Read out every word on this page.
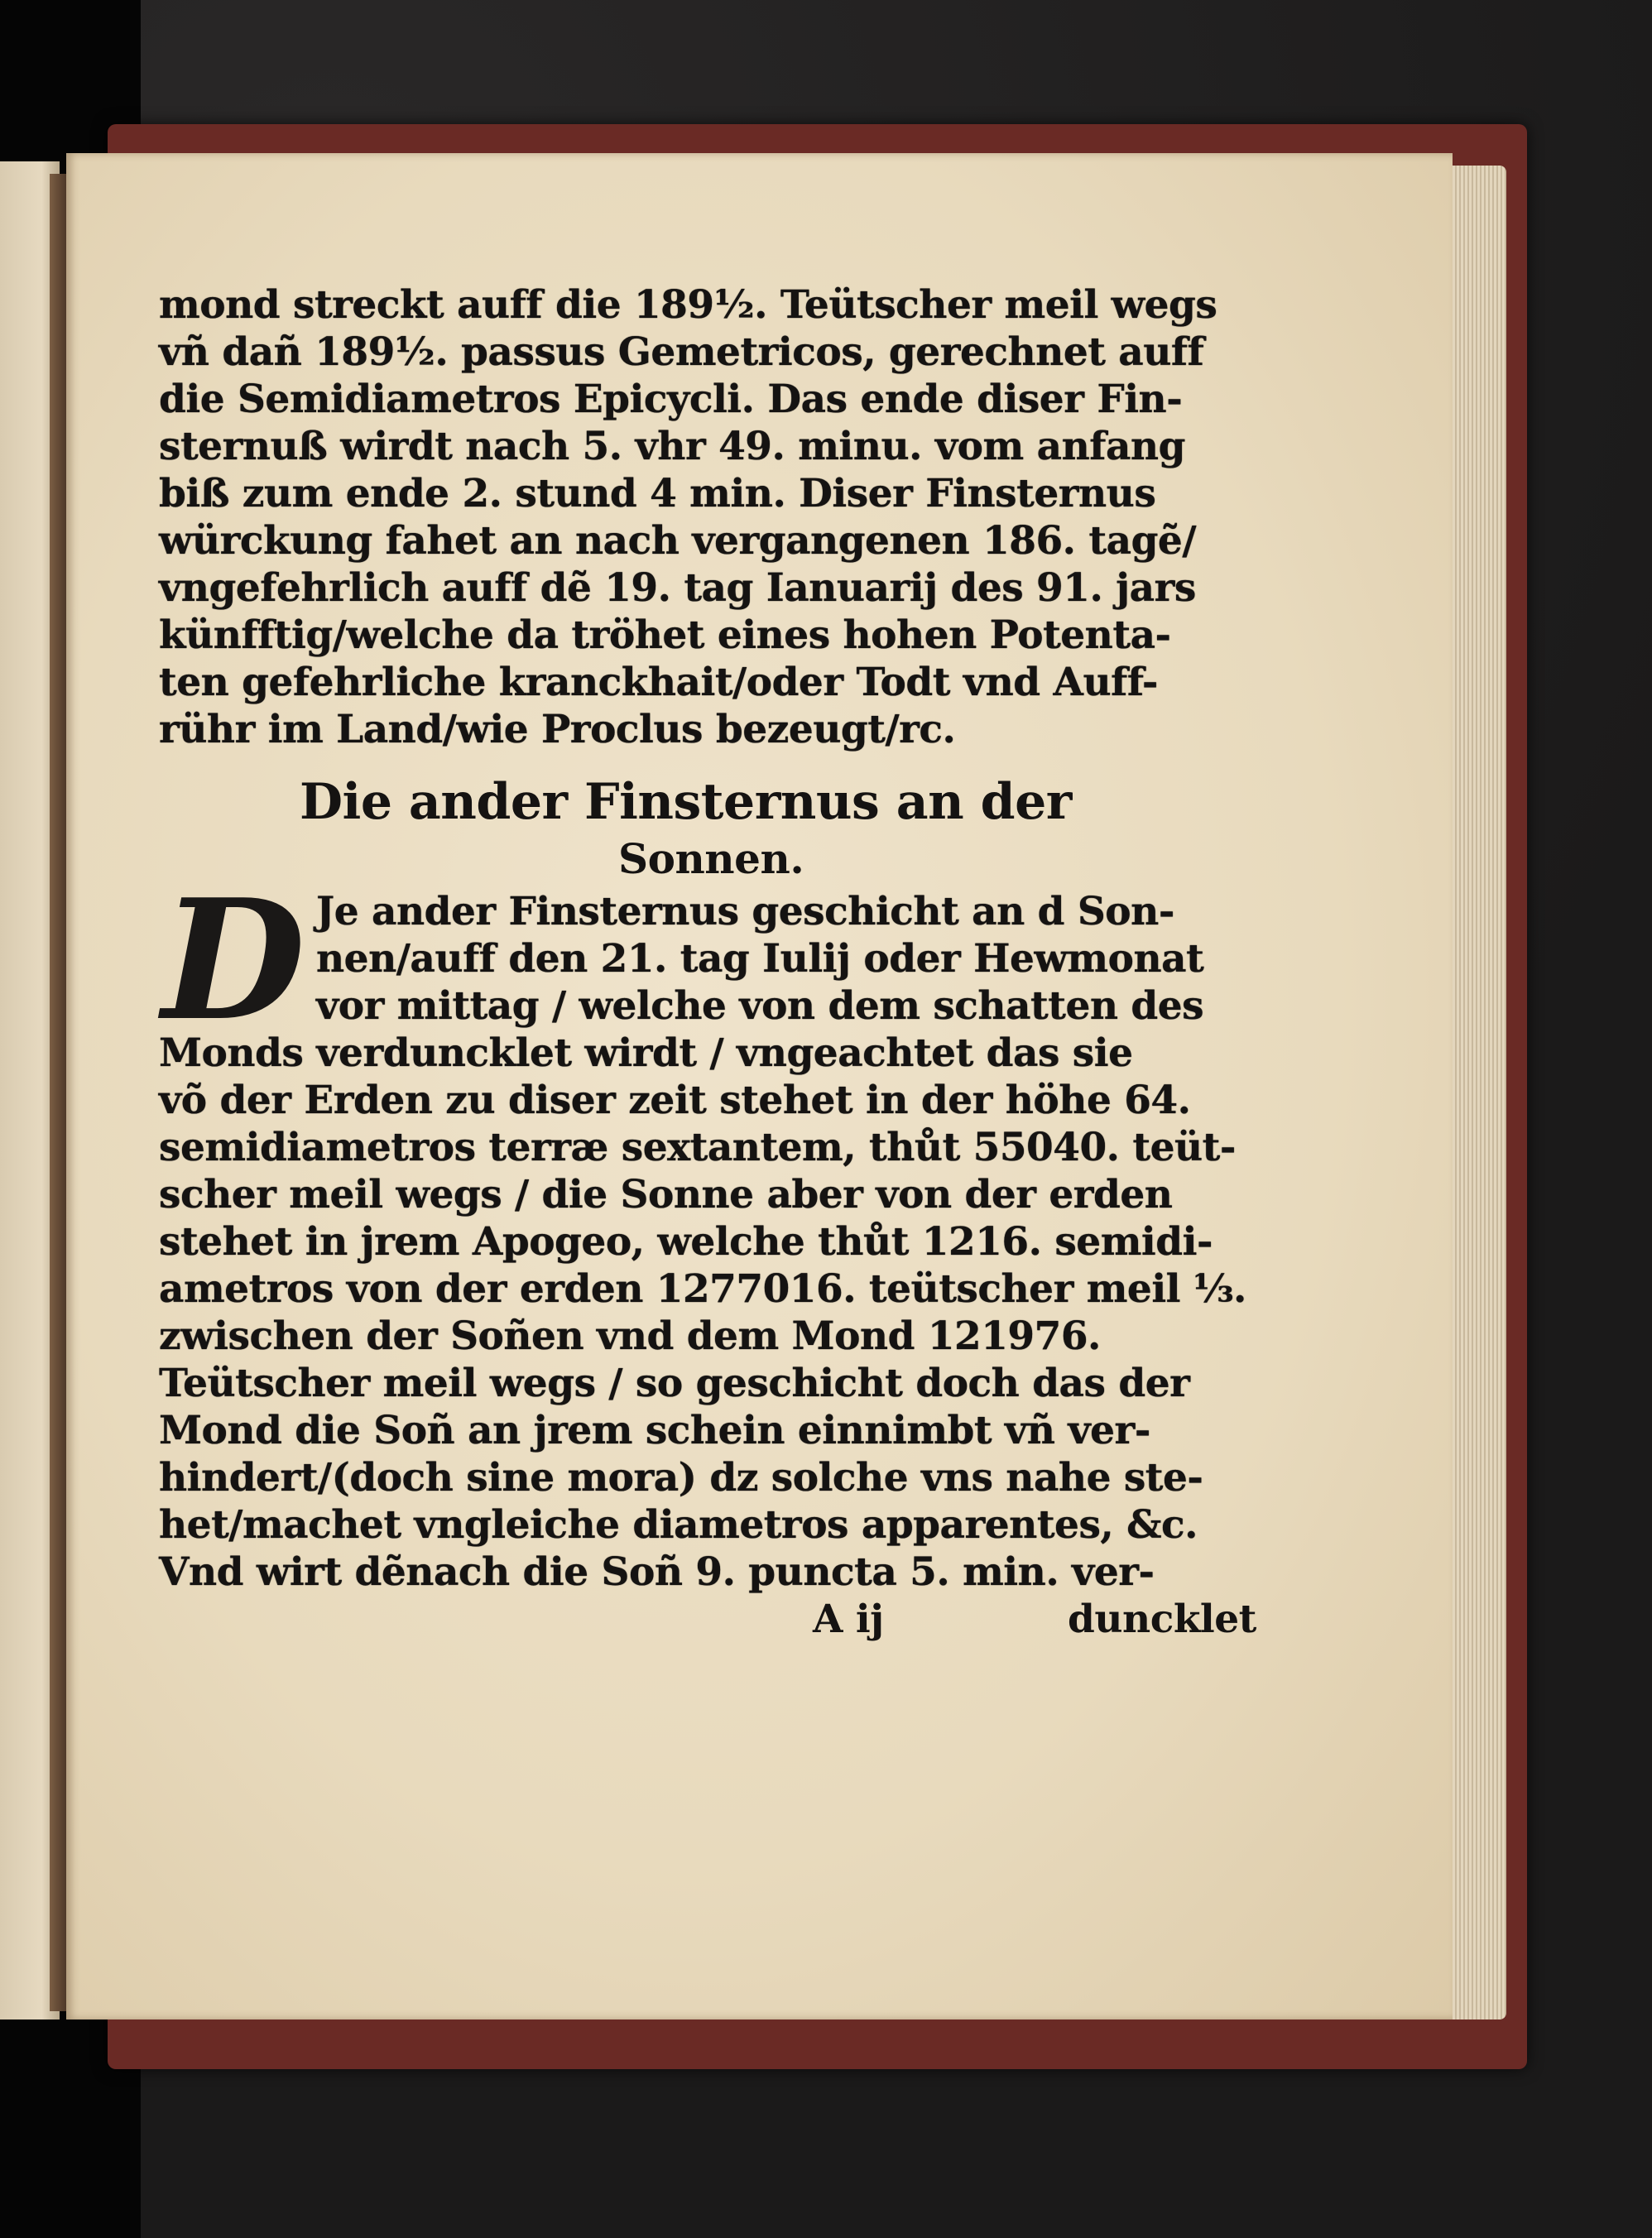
mond streckt auff die 189½. Teütscher meil wegs
vñ dañ 189½. passus Gemetricos, gerechnet auff
die Semidiametros Epicycli. Das ende diser Fin-
sternuß wirdt nach 5. vhr 49. minu. vom anfang
biß zum ende 2. stund 4 min. Diser Finsternus
würckung fahet an nach vergangenen 186. tagẽ/
vngefehrlich auff dẽ 19. tag Ianuarij des 91. jars
künfftig/welche da tröhet eines hohen Potenta-
ten gefehrliche kranckhait/oder Todt vnd Auff-
rühr im Land/wie Proclus bezeugt/rc.
Die ander Finsternus an der
Sonnen.
D Je ander Finsternus geschicht an d Son-
nen/auff den 21. tag Iulij oder Hewmonat
vor mittag / welche von dem schatten des
Monds verduncklet wirdt / vngeachtet das sie
võ der Erden zu diser zeit stehet in der höhe 64.
semidiametros terræ sextantem, thůt 55040. teüt-
scher meil wegs / die Sonne aber von der erden
stehet in jrem Apogeo, welche thůt 1216. semidi-
ametros von der erden 1277016. teütscher meil ⅓.
zwischen der Soñen vnd dem Mond 121976.
Teütscher meil wegs / so geschicht doch das der
Mond die Soñ an jrem schein einnimbt vñ ver-
hindert/(doch sine mora) dz solche vns nahe ste-
het/machet vngleiche diametros apparentes, &c.
Vnd wirt dẽnach die Soñ 9. puncta 5. min. ver-
A ij	duncklet
